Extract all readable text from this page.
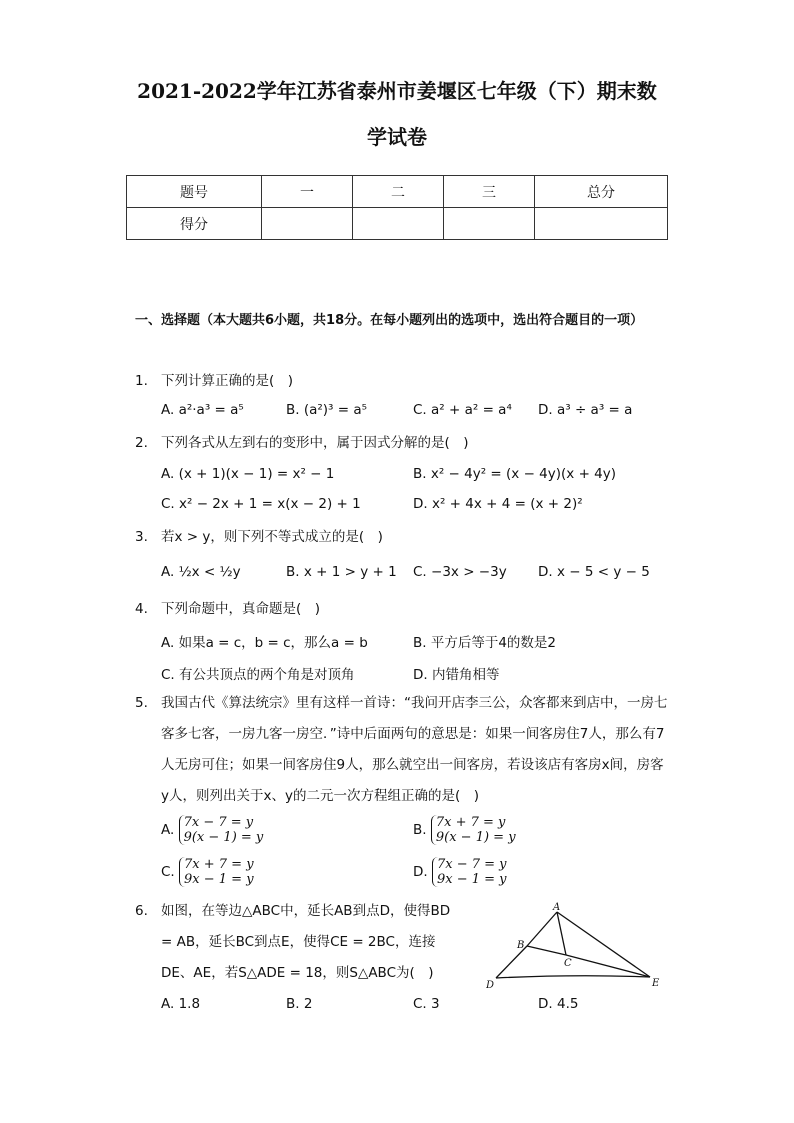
2021-2022学年江苏省泰州市姜堰区七年级（下）期末数
学试卷
题号	一	二	三	总分
得分				
一、选择题（本大题共6小题，共18分。在每小题列出的选项中，选出符合题目的一项）
1. 下列计算正确的是(　)
A. a²·a³ = a⁵	B. (a²)³ = a⁵	C. a² + a² = a⁴ D. a³ ÷ a³ = a
2. 下列各式从左到右的变形中，属于因式分解的是(　)
A. (x + 1)(x − 1) = x² − 1	B. x² − 4y² = (x − 4y)(x + 4y)
C. x² − 2x + 1 = x(x − 2) + 1	D. x² + 4x + 4 = (x + 2)²
3. 若x > y，则下列不等式成立的是(　)
A. ½x < ½y	B. x + 1 > y + 1 C. −3x > −3y D. x − 5 < y − 5
4. 下列命题中，真命题是(　)
A. 如果a = c，b = c，那么a = b	B. 平方后等于4的数是2
C. 有公共顶点的两个角是对顶角	D. 内错角相等
5. 我国古代《算法统宗》里有这样一首诗：“我问开店李三公，众客都来到店中，一房七客多七客，一房九客一房空．”诗中后面两句的意思是：如果一间客房住7人，那么有7人无房可住；如果一间客房住9人，那么就空出一间客房，若设该店有客房x间，房客y人，则列出关于x、y的二元一次方程组正确的是(　)
A. 7x − 7 = y
9(x − 1) = y	B. 7x + 7 = y
9(x − 1) = y
C. 7x + 7 = y
9x − 1 = y	D. 7x − 7 = y
9x − 1 = y
6. 如图，在等边△ABC中，延长AB到点D，使得BD = AB，延长BC到点E，使得CE = 2BC，连接DE、AE，若S△ADE = 18，则S△ABC为(　)
A. 1.8	B. 2	C. 3	D. 4.5
A
B
C
D	E
